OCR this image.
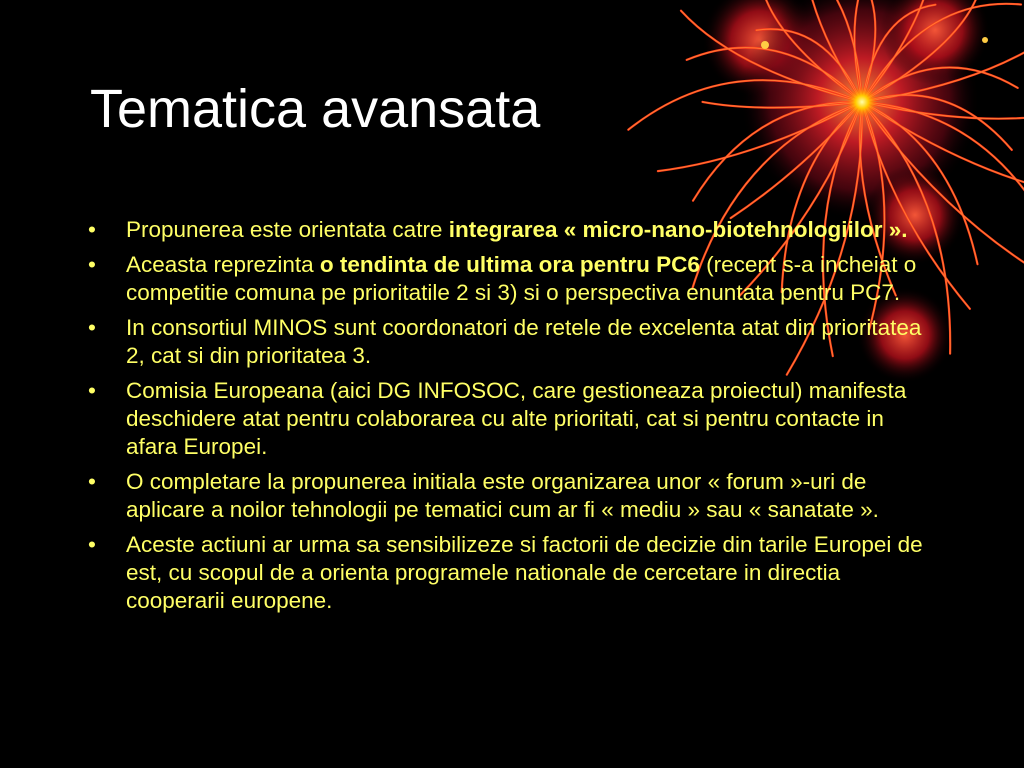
Tematica avansata
• Propunerea este orientata catre integrarea « micro-nano-biotehnologiilor ».
• Aceasta reprezinta o tendinta de ultima ora pentru PC6 (recent s-a incheiat o competitie comuna pe prioritatile 2 si 3) si o perspectiva enuntata pentru PC7.
• In consortiul MINOS sunt coordonatori de retele de excelenta atat din prioritatea 2, cat si din prioritatea 3.
• Comisia Europeana (aici DG INFOSOC, care gestioneaza proiectul) manifesta deschidere atat pentru colaborarea cu alte prioritati, cat si pentru contacte in afara Europei.
• O completare la propunerea initiala este organizarea unor « forum »-uri de aplicare a noilor tehnologii pe tematici cum ar fi « mediu » sau « sanatate ».
• Aceste actiuni ar urma sa sensibilizeze si factorii de decizie din tarile Europei de est, cu scopul de a orienta programele nationale de cercetare in directia cooperarii europene.
